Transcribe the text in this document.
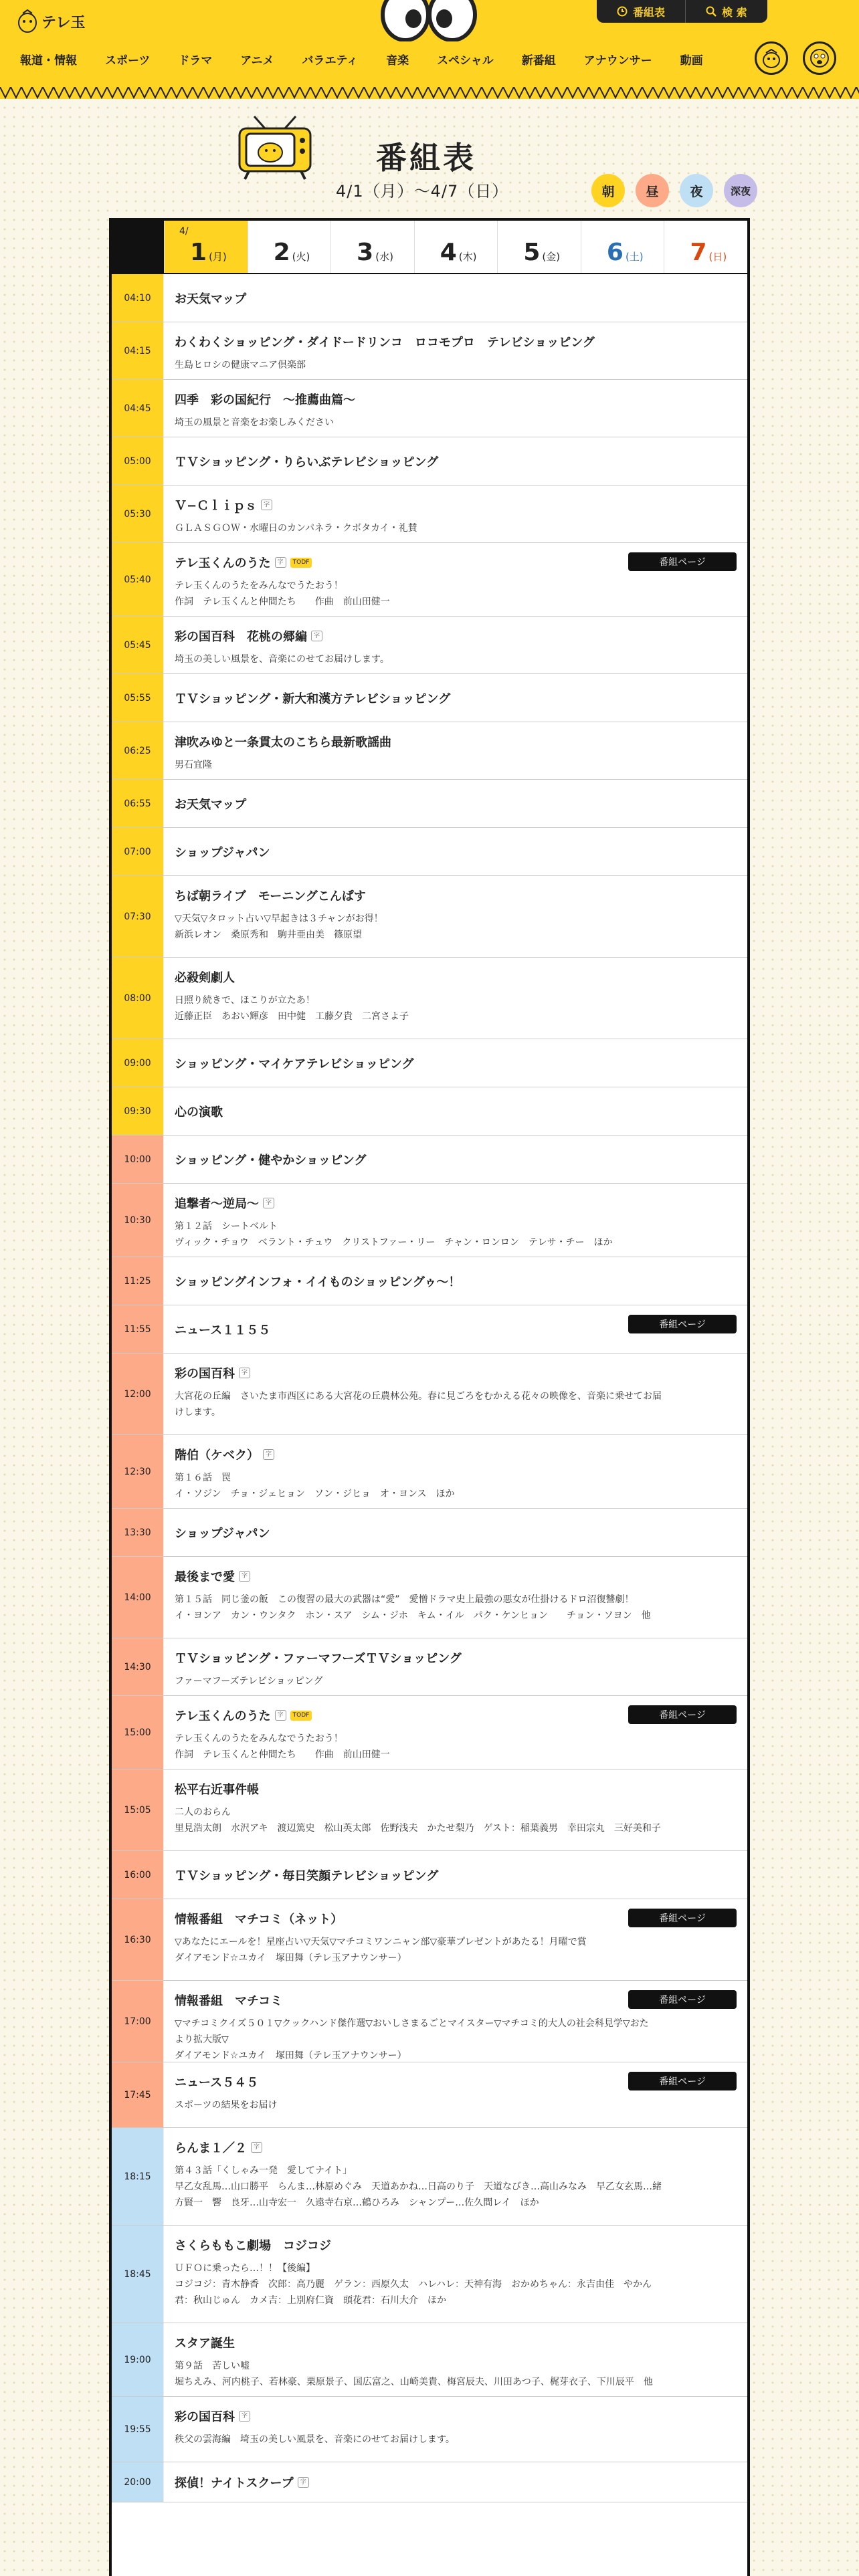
テレ玉
番組表	検 索
報道・情報 スポーツ ドラマ アニメ バラエティ 音楽 スペシャル 新番組 アナウンサー 動画
番組表
4/1（月）〜4/7（日）	朝	昼	夜	深夜
4/
1 (月) 2 (火) 3 (水) 4 (木) 5 (金) 6 (土) 7 (日)
04:10	お天気マップ
04:15
わくわくショッピング・ダイドードリンコ　ロコモプロ　テレビショッピング
生島ヒロシの健康マニア倶楽部
04:45
四季　彩の国紀行　〜推薦曲篇〜
埼玉の風景と音楽をお楽しみください
05:00	ＴＶショッピング・りらいぶテレビショッピング
05:30
Ｖ−Ｃｌｉｐｓ	字
ＧＬＡＳＧＯＷ・水曜日のカンパネラ・クボタカイ・礼賛
05:40
テレ玉くんのうた	字	TODF
テレ玉くんのうたをみんなでうたおう！
作詞　テレ玉くんと仲間たち　　作曲　前山田健一
番組ページ
05:45
彩の国百科　花桃の郷編	字
埼玉の美しい風景を、音楽にのせてお届けします。
05:55	ＴＶショッピング・新大和漢方テレビショッピング
06:25
津吹みゆと一条貫太のこちら最新歌謡曲
男石宜隆
06:55	お天気マップ
07:00	ショップジャパン
07:30
ちば朝ライブ　モーニングこんぱす
▽天気▽タロット占い▽早起きは３チャンがお得！
新浜レオン　桑原秀和　駒井亜由美　篠原望
08:00
必殺剣劇人
日照り続きで、ほこりが立たあ！
近藤正臣　あおい輝彦　田中健　工藤夕貴　二宮さよ子
09:00	ショッピング・マイケアテレビショッピング
09:30	心の演歌
10:00	ショッピング・健やかショッピング
10:30
追撃者〜逆局〜	字
第１２話　シートベルト
ヴィック・チョウ　ベラント・チュウ　クリストファー・リー　チャン・ロンロン　テレサ・チー　ほか
11:25	ショッピングインフォ・イイものショッピングゥ〜！
11:55	ニュース１１５５	番組ページ
12:00
彩の国百科	字
大宮花の丘編　さいたま市西区にある大宮花の丘農林公苑。春に見ごろをむかえる花々の映像を、音楽に乗せてお届
けします。
12:30
階伯（ケベク）	字
第１６話　罠
イ・ソジン　チョ・ジェヒョン　ソン・ジヒョ　オ・ヨンス　ほか
13:30	ショップジャパン
14:00
最後まで愛	字
第１５話　同じ釜の飯　この復習の最大の武器は“愛”　愛憎ドラマ史上最強の悪女が仕掛けるドロ沼復讐劇！
イ・ヨンア　カン・ウンタク　ホン・スア　シム・ジホ　キム・イル　パク・ケンヒョン　　チョン・ソヨン　他
14:30
ＴＶショッピング・ファーマフーズＴＶショッピング
ファーマフーズテレビショッピング
15:00
テレ玉くんのうた	字	TODF
テレ玉くんのうたをみんなでうたおう！
作詞　テレ玉くんと仲間たち　　作曲　前山田健一
番組ページ
15:05
松平右近事件帳
二人のおらん
里見浩太朗　水沢アキ　渡辺篤史　松山英太郎　佐野浅夫　かたせ梨乃　ゲスト：稲葉義男　幸田宗丸　三好美和子
16:00	ＴＶショッピング・毎日笑顔テレビショッピング
16:30
情報番組　マチコミ（ネット）
▽あなたにエールを！星座占い▽天気▽マチコミワンニャン部▽豪華プレゼントがあたる！月曜で賞
ダイアモンド☆ユカイ　塚田舞（テレ玉アナウンサー）
番組ページ
17:00
情報番組　マチコミ
▽マチコミクイズ５０１▽クックハンド傑作選▽おいしさまるごとマイスター▽マチコミ的大人の社会科見学▽おた
より拡大版▽
ダイアモンド☆ユカイ　塚田舞（テレ玉アナウンサー）
番組ページ
17:45
ニュース５４５
スポーツの結果をお届け
番組ページ
18:15
らんま１／２	字
第４３話「くしゃみ一発　愛してナイト」
早乙女乱馬…山口勝平　らんま…林原めぐみ　天道あかね…日高のり子　天道なびき…高山みなみ　早乙女玄馬…緒
方賢一　響　良牙…山寺宏一　久遠寺右京…鶴ひろみ　シャンプー…佐久間レイ　ほか
18:45
さくらももこ劇場　コジコジ
ＵＦＯに乗ったら…！！【後編】
コジコジ：青木静香　次郎：高乃麗　ゲラン：西原久太　ハレハレ：天神有海　おかめちゃん：永吉由佳　やかん
君：秋山じゅん　カメ吉：上別府仁資　頭花君：石川大介　ほか
19:00
スタア誕生
第９話　苦しい嘘
堀ちえみ、河内桃子、若林豪、栗原景子、国広富之、山崎美貴、梅宮辰夫、川田あつ子、梶芽衣子、下川辰平　他
19:55
彩の国百科	字
秩父の雲海編　埼玉の美しい風景を、音楽にのせてお届けします。
20:00	探偵！ナイトスクープ	字
